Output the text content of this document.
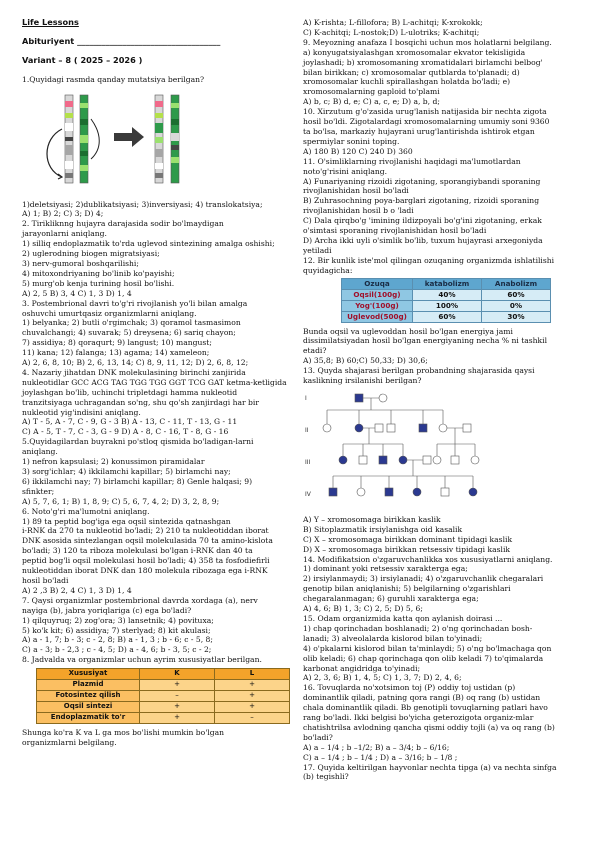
Life Lessons

Abituriyent ___________________________________

Variant – 8 ( 2025 – 2026 )

1.Quyidagi rasmda qanday mutatsiya berilgan?

1)deletsiyasi; 2)dublikatsiyasi; 3)inversiyasi; 4) translokatsiya;

A) 1; B) 2; C) 3; D) 4;

2. Tirikliknng hujayra darajasida sodir bo'lmaydigan

jarayonlarni aniqlang.

1) silliq endoplazmatik to'rda uglevod sintezining amalga oshishi;

2) uglerodning biogen migratsiyasi;

3) nerv-gumoral boshqarilishi;

4) mitoxondriyaning bo'linib ko'payishi;

5) murg'ob kenja turining hosil bo'lishi.

A) 2, 5 B) 3, 4 C) 1, 3 D) 1, 4

3. Postembrional davri to'g'ri rivojlanish yo'li bilan amalga

oshuvchi umurtqasiz organizmlarni aniqlang.

1) belyanka; 2) butli o'rgimchak; 3) qoramol tasmasimon

chuvalchangi; 4) suvarak; 5) dreysena; 6) sariq chayon;

7) assidiya; 8) qoraqurt; 9) langust; 10) mangust;

11) kana; 12) falanga; 13) agama; 14) xameleon;

A) 2, 6, 8, 10; B) 2, 6, 13, 14; C) 8, 9, 11, 12; D) 2, 6, 8, 12;

4. Nazariy jihatdan DNK molekulasining birinchi zanjirida

nukleotidlar GCC ACG TAG TGG TGG GGT TCG GAT ketma-ketligida

joylashgan bo'lib, uchinchi tripletdagi hamma nukleotid

tranzitsiyaga uchragandan so'ng, shu qo'sh zanjirdagi har bir

nukleotid yig'indisini aniqlang.

A) T - 5, A - 7, C - 9, G - 3 B) A - 13, C - 11, T - 13, G - 11

C) A - 5, T - 7, C - 3, G - 9 D) A - 8, C - 16, T - 8, G - 16

5.Quyidagilardan buyrakni po'stloq qismida bo'ladigan-larni

aniqlang.

1) nefron kapsulasi; 2) konussimon piramidalar

3) sorg'ichlar; 4) ikkilamchi kapillar; 5) birlamchi nay;

6) ikkilamchi nay; 7) birlamchi kapillar; 8) Genle halqasi; 9)

sfinkter;

A) 5, 7, 6, 1; B) 1, 8, 9; C) 5, 6, 7, 4, 2; D) 3, 2, 8, 9;

6. Noto'g'ri ma'lumotni aniqlang.

1) 89 ta peptid bog'iga ega oqsil sintezida qatnashgan

i-RNK da 270 ta nukleotid bo'ladi; 2) 210 ta nukleotiddan iborat

DNK asosida sintezlangan oqsil molekulasida 70 ta amino-kislota

bo'ladi; 3) 120 ta riboza molekulasi bo'lgan i-RNK dan 40 ta

peptid bog'li oqsil molekulasi hosil bo'ladi; 4) 358 ta fosfodiefirli

nukleotiddan iborat DNK dan 180 molekula ribozaga ega i-RNK

hosil bo'ladi

A) 2 ,3 B) 2, 4 C) 1, 3 D) 1, 4

7. Qaysi organizmlar postembrional davrda xordaga (a), nerv

nayiga (b), jabra yoriqlariga (c) ega bo'ladi?

1) qilquyruq; 2) zog'ora; 3) lansetnik; 4) povituxa;

5) ko'k kit; 6) assidiya; 7) sterlyad; 8) kit akulasi;

A) a - 1, 7; b - 3; c - 2, 8; B) a - 1, 3 ; b - 6; c - 5, 8;

C) a - 3; b - 2,3 ; c - 4, 5; D) a - 4, 6; b - 3, 5; c - 2;

8. Jadvalda va organizmlar uchun ayrim xususiyatlar berilgan.

Xususiyat	K	L
Plazmid	+	+
Fotosintez qilish	–	+
Oqsil sintezi	+	+
Endoplazmatik to'r	+	–

Shunga ko'ra K va L ga mos bo'lishi mumkin bo'lgan

organizmlarni belgilang.

A) K-rishta; L-fillofora; B) L-achitqi; K-xrokokk;

C) K-achitqi; L-nostok;D) L-ulotriks; K-achitqi;

9. Meyozning anafaza I bosqichi uchun mos holatlarni belgilang.

a) konyugatsiyalashgan xromosomalar ekvator tekisligida

joylashadi; b) xromosomaning xromatidalari birlamchi belbog'

bilan birikkan; c) xromosomalar qutblarda to'planadi; d)

xromosomalar kuchli spirallashgan holatda bo'ladi; e)

xromosomalarning gaploid to'plami

A) b, c; B) d, e; C) a, c, e; D) a, b, d;

10. Xirzutum g'o'zasida urug'lanish natijasida bir nechta zigota

hosil bo'ldi. Zigotalardagi xromosomalarning umumiy soni 9360

ta bo'lsa, markaziy hujayrani urug'lantirishda ishtirok etgan

spermiylar sonini toping.

A) 180 B) 120 C) 240 D) 360

11. O'simliklarning rivojlanishi haqidagi ma'lumotlardan

noto'g'risini aniqlang.

A) Funariyaning rizoidi zigotaning, sporangiybandi sporaning

rivojlanishidan hosil bo'ladi

B) Zuhrasochning poya-barglari zigotaning, rizoidi sporaning

rivojlanishidan hosil b o 'ladi

C) Dala qirqbo'g 'imining ildizpoyali bo'g'ini zigotaning, erkak

o'simtasi sporaning rivojlanishidan hosil bo'ladi

D) Archa ikki uyli o'simlik bo'lib, tuxum hujayrasi arxegoniyda

yetiladi

12. Bir kunlik iste'mol qilingan ozuqaning organizmda ishlatilishi

quyidagicha:

Ozuqa	katabolizm	Anabolizm
Oqsil(100g)	40%	60%
Yog'(100g)	100%	0%
Uglevod(500g)	60%	30%

Bunda oqsil va uglevoddan hosil bo'lgan energiya jami

dissimilatsiyadan hosil bo'lgan energiyaning necha % ni tashkil

etadi?

A) 35,8; B) 60;C) 50,33; D) 30,6;

13. Quyda shajarasi berilgan probandning shajarasida qaysi

kaslikning irsilanishi berilgan?

I
II
III
IV

A) Y – xromosomaga birikkan kaslik

B) Sitoplazmatik irsiylanishga oid kasalik

C) X – xromosomaga birikkan dominant tipidagi kaslik

D) X – xromosomaga birikkan retsessiv tipidagi kaslik

14. Modifikatsion o'zgaruvchanlikka xos xususiyatlarni aniqlang.

1) dominant yoki retsessiv xarakterga ega;

2) irsiylanmaydi; 3) irsiylanadi; 4) o'zgaruvchanlik chegaralari

genotip bilan aniqlanishi; 5) belgilarning o'zgarishlari

chegaralanmagan; 6) guruhli xarakterga ega;

A) 4, 6; B) 1, 3; C) 2, 5; D) 5, 6;

15. Odam organizmida katta qon aylanish doirasi ...

1) chap qorinchadan boshlanadi; 2) o'ng qorinchadan bosh-

lanadi; 3) alveolalarda kislorod bilan to'yinadi;

4) o'pkalarni kislorod bilan ta'minlaydi; 5) o'ng bo'lmachaga qon

olib keladi; 6) chap qorinchaga qon olib keladi 7) to'qimalarda

karbonat angidridga to'yinadi;

A) 2, 3, 6; B) 1, 4, 5; C) 1, 3, 7; D) 2, 4, 6;

16. Tovuqlarda no'xotsimon toj (P) oddiy toj ustidan (p)

dominantlik qiladi, patning qora rangi (B) oq rang (b) ustidan

chala dominantlik qiladi. Bb genotipli tovuqlarning patlari havo

rang bo'ladi. Ikki belgisi bo'yicha geterozigota organiz-mlar

chatishtrilsa avlodning qancha qismi oddiy tojli (a) va oq rang (b)

bo'ladi?

A) a – 1/4 ; b –1/2; B) a – 3/4; b – 6/16;

C) a – 1/4 ; b – 1/4 ; D) a – 3/16; b – 1/8 ;

17. Quyida keltirilgan hayvonlar nechta tipga (a) va nechta sinfga

(b) tegishli?
